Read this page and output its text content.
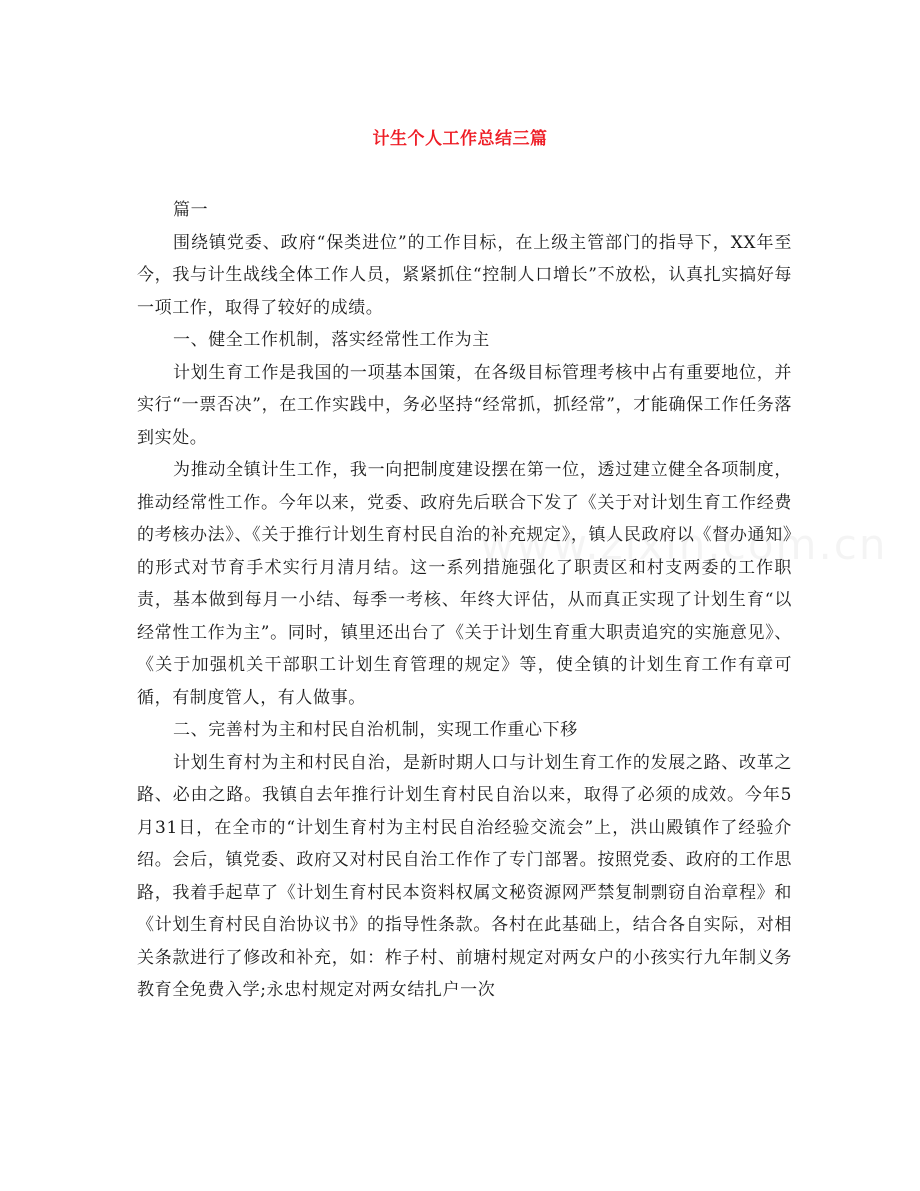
计生个人工作总结三篇

篇一

围绕镇党委、政府“保类进位”的工作目标，在上级主管部门的指导下，XX年至今，我与计生战线全体工作人员，紧紧抓住“控制人口增长”不放松，认真扎实搞好每一项工作，取得了较好的成绩。

一、健全工作机制，落实经常性工作为主

计划生育工作是我国的一项基本国策，在各级目标管理考核中占有重要地位，并实行“一票否决”，在工作实践中，务必坚持“经常抓，抓经常”，才能确保工作任务落到实处。

为推动全镇计生工作，我一向把制度建设摆在第一位，透过建立健全各项制度，推动经常性工作。今年以来，党委、政府先后联合下发了《关于对计划生育工作经费的考核办法》、《关于推行计划生育村民自治的补充规定》，镇人民政府以《督办通知》的形式对节育手术实行月清月结。这一系列措施强化了职责区和村支两委的工作职责，基本做到每月一小结、每季一考核、年终大评估，从而真正实现了计划生育“以经常性工作为主”。同时，镇里还出台了《关于计划生育重大职责追究的实施意见》、《关于加强机关干部职工计划生育管理的规定》等，使全镇的计划生育工作有章可循，有制度管人，有人做事。

二、完善村为主和村民自治机制，实现工作重心下移

计划生育村为主和村民自治，是新时期人口与计划生育工作的发展之路、改革之路、必由之路。我镇自去年推行计划生育村民自治以来，取得了必须的成效。今年5月31日，在全市的“计划生育村为主村民自治经验交流会”上，洪山殿镇作了经验介绍。会后，镇党委、政府又对村民自治工作作了专门部署。按照党委、政府的工作思路，我着手起草了《计划生育村民本资料权属文秘资源网严禁复制剽窃自治章程》和《计划生育村民自治协议书》的指导性条款。各村在此基础上，结合各自实际，对相关条款进行了修改和补充，如：柞子村、前塘村规定对两女户的小孩实行九年制义务教育全免费入学;永忠村规定对两女结扎户一次
